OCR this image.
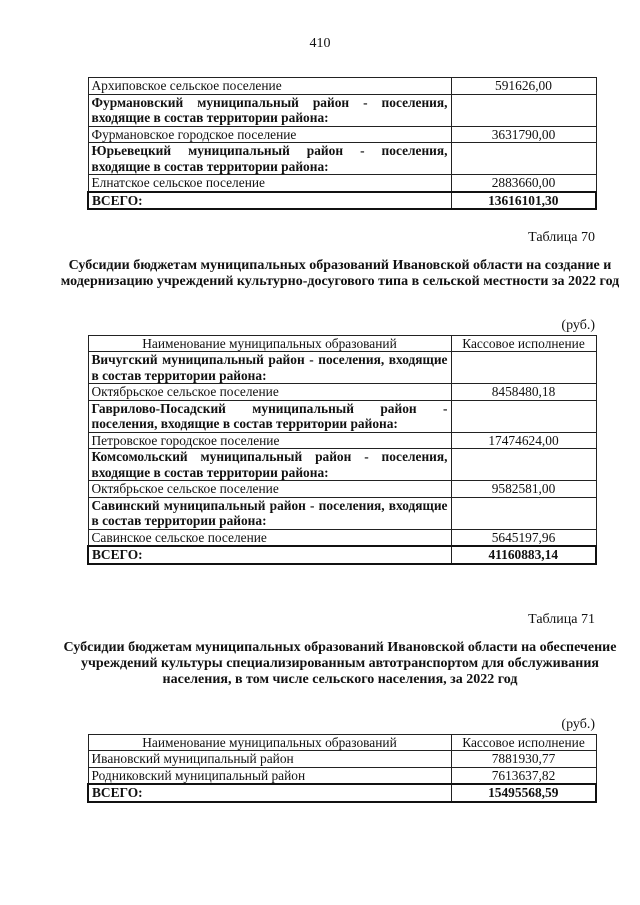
410
Архиповское сельское поселение	591626,00
Фурмановский муниципальный район - поселения, входящие в состав территории района:	
Фурмановское городское поселение	3631790,00
Юрьевецкий муниципальный район - поселения, входящие в состав территории района:	
Елнатское сельское поселение	2883660,00
ВСЕГО:	13616101,30
Таблица 70
Субсидии бюджетам муниципальных образований Ивановской области на создание и модернизацию учреждений культурно-досугового типа в сельской местности за 2022 год
(руб.)
Наименование муниципальных образований	Кассовое исполнение
Вичугский муниципальный район - поселения, входящие в состав территории района:	
Октябрьское сельское поселение	8458480,18
Гаврилово-Посадский муниципальный район - поселения, входящие в состав территории района:	
Петровское городское поселение	17474624,00
Комсомольский муниципальный район - поселения, входящие в состав территории района:	
Октябрьское сельское поселение	9582581,00
Савинский муниципальный район - поселения, входящие в состав территории района:	
Савинское сельское поселение	5645197,96
ВСЕГО:	41160883,14
Таблица 71
Субсидии бюджетам муниципальных образований Ивановской области на обеспечение учреждений культуры специализированным автотранспортом для обслуживания населения, в том числе сельского населения, за 2022 год
(руб.)
Наименование муниципальных образований	Кассовое исполнение
Ивановский муниципальный район	7881930,77
Родниковский муниципальный район	7613637,82
ВСЕГО:	15495568,59
